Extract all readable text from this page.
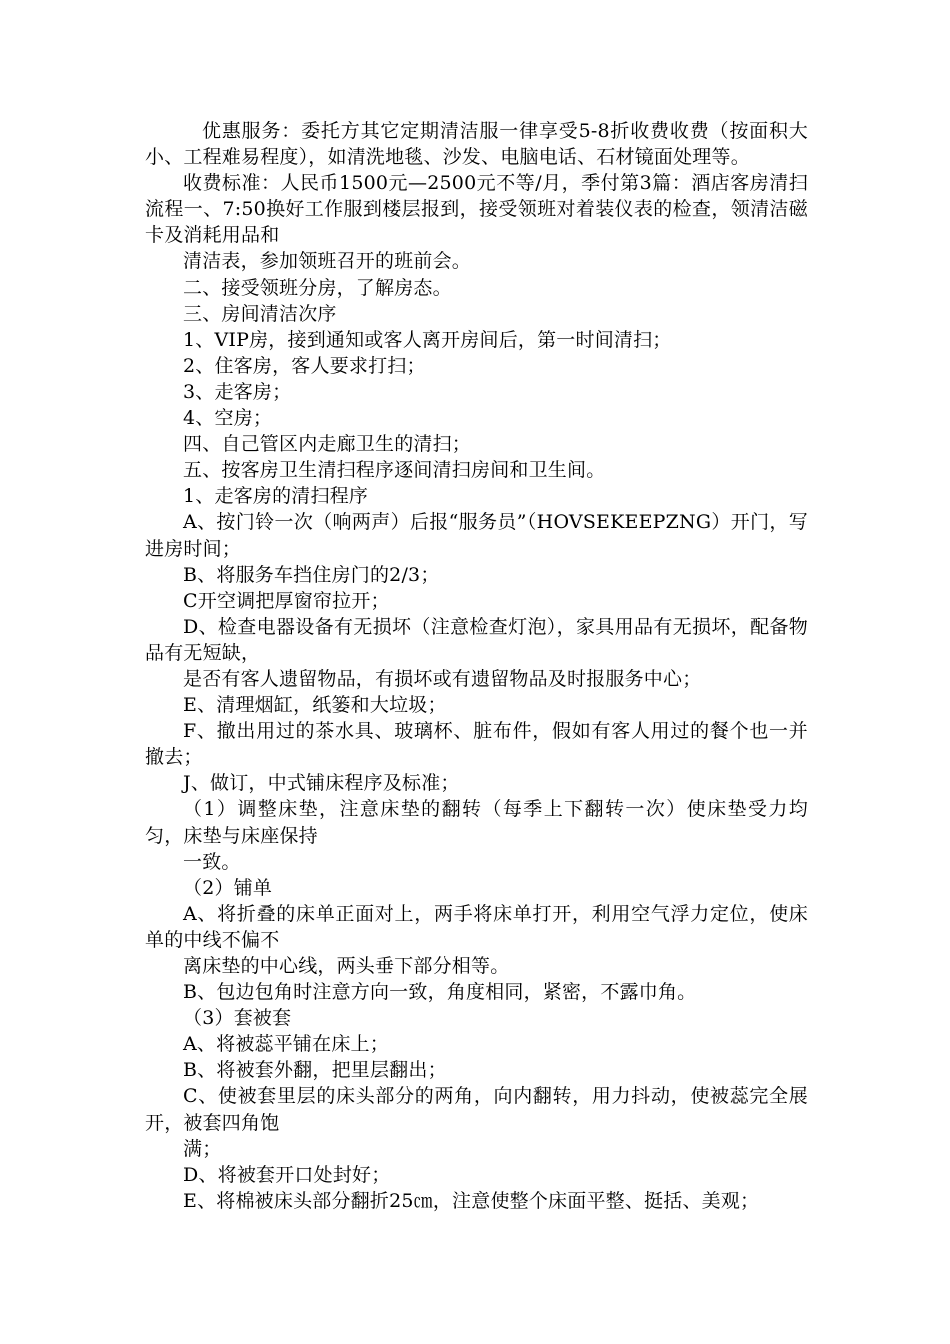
优惠服务：委托方其它定期清洁服一律享受5-8折收费收费（按面积大小、工程难易程度），如清洗地毯、沙发、电脑电话、石材镜面处理等。

收费标准：人民币1500元—2500元不等/月，季付第3篇：酒店客房清扫流程一、7:50换好工作服到楼层报到，接受领班对着装仪表的检查，领清洁磁卡及消耗用品和

清洁表，参加领班召开的班前会。

二、接受领班分房，了解房态。

三、房间清洁次序

1、VIP房，接到通知或客人离开房间后，第一时间清扫；

2、住客房，客人要求打扫；

3、走客房；

4、空房；

四、自己管区内走廊卫生的清扫；

五、按客房卫生清扫程序逐间清扫房间和卫生间。

1、走客房的清扫程序

A、按门铃一次（响两声）后报“服务员”（HOVSEKEEPZNG）开门，写进房时间；

B、将服务车挡住房门的2/3；

C开空调把厚窗帘拉开；

D、检查电器设备有无损坏（注意检查灯泡），家具用品有无损坏，配备物品有无短缺，

是否有客人遗留物品，有损坏或有遗留物品及时报服务中心；

E、清理烟缸，纸篓和大垃圾；

F、撤出用过的茶水具、玻璃杯、脏布件，假如有客人用过的餐个也一并撤去；

J、做订，中式铺床程序及标准；

（1）调整床垫，注意床垫的翻转（每季上下翻转一次）使床垫受力均匀，床垫与床座保持

一致。

（2）铺单

A、将折叠的床单正面对上，两手将床单打开，利用空气浮力定位，使床单的中线不偏不

离床垫的中心线，两头垂下部分相等。

B、包边包角时注意方向一致，角度相同，紧密，不露巾角。

（3）套被套

A、将被蕊平铺在床上；

B、将被套外翻，把里层翻出；

C、使被套里层的床头部分的两角，向内翻转，用力抖动，使被蕊完全展开，被套四角饱

满；

D、将被套开口处封好；

E、将棉被床头部分翻折25㎝，注意使整个床面平整、挺括、美观；
